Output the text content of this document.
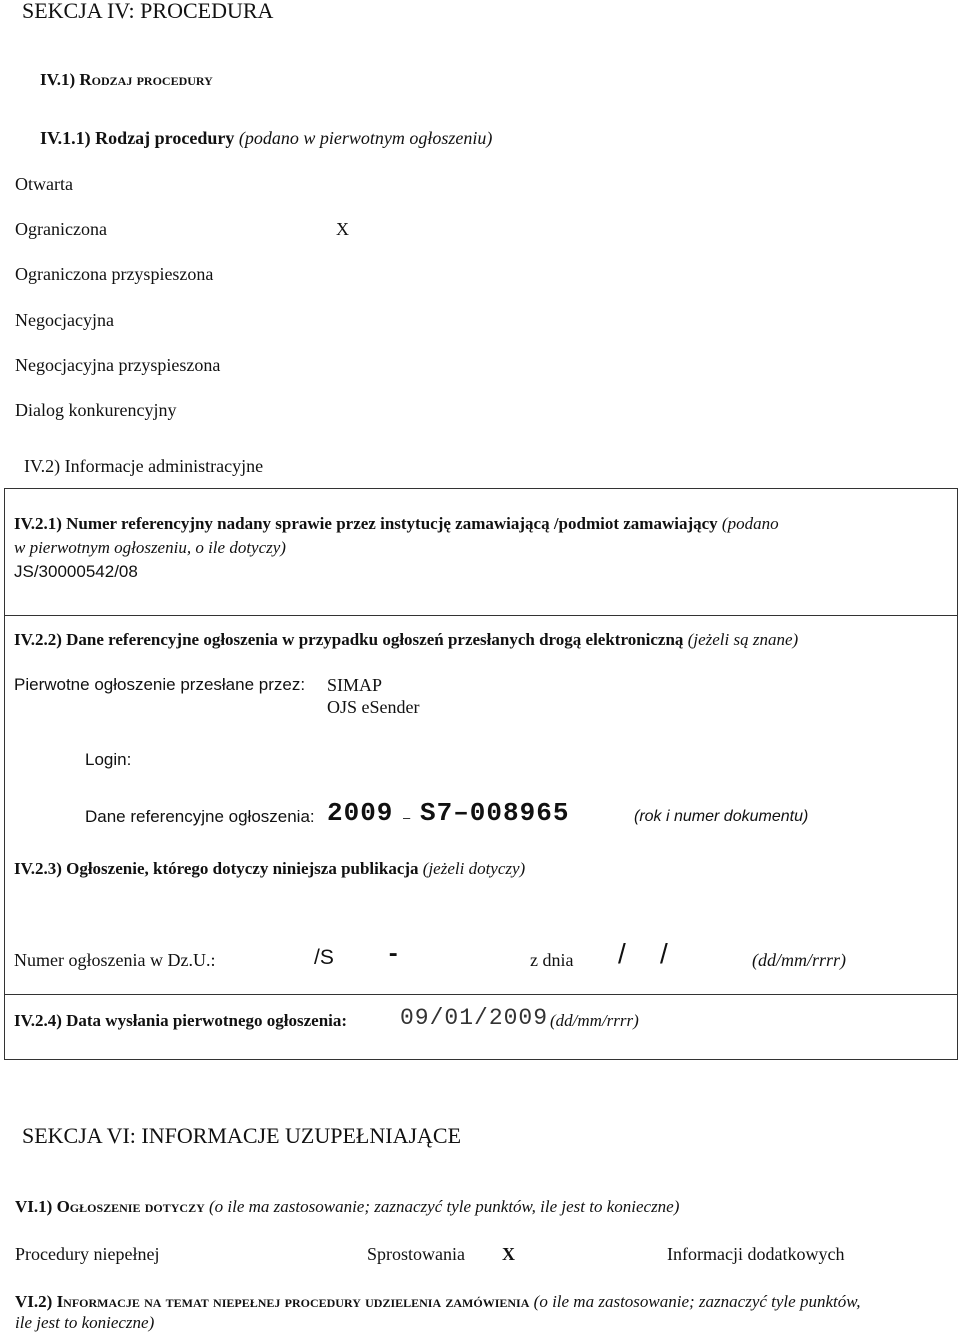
SEKCJA IV: PROCEDURA
IV.1) Rodzaj procedury
IV.1.1) Rodzaj procedury (podano w pierwotnym ogłoszeniu)
Otwarta
Ograniczona	X
Ograniczona przyspieszona
Negocjacyjna
Negocjacyjna przyspieszona
Dialog konkurencyjny
IV.2) Informacje administracyjne
IV.2.1) Numer referencyjny nadany sprawie przez instytucję zamawiającą /podmiot zamawiający (podano
w pierwotnym ogłoszeniu, o ile dotyczy)
JS/30000542/08
IV.2.2) Dane referencyjne ogłoszenia w przypadku ogłoszeń przesłanych drogą elektroniczną (jeżeli są znane)
Pierwotne ogłoszenie przesłane przez: SIMAP
OJS eSender
Login:
Dane referencyjne ogłoszenia: 2009 – S7–008965	(rok i numer dokumentu)
IV.2.3) Ogłoszenie, którego dotyczy niniejsza publikacja (jeżeli dotyczy)
Numer ogłoszenia w Dz.U.:	/S -	z dnia / /	(dd/mm/rrrr)
IV.2.4) Data wysłania pierwotnego ogłoszenia: 09/01/2009 (dd/mm/rrrr)
SEKCJA VI: INFORMACJE UZUPEŁNIAJĄCE
VI.1) Ogłoszenie dotyczy (o ile ma zastosowanie; zaznaczyć tyle punktów, ile jest to konieczne)
Procedury niepełnej	Sprostowania X	Informacji dodatkowych
VI.2) Informacje na temat niepełnej procedury udzielenia zamówienia (o ile ma zastosowanie; zaznaczyć tyle punktów,
ile jest to konieczne)
